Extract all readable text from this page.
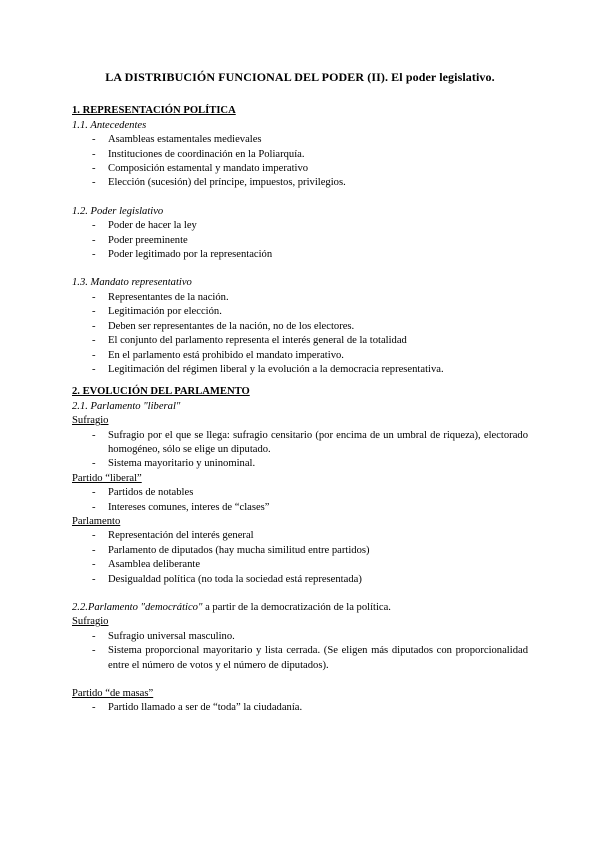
LA DISTRIBUCIÓN FUNCIONAL DEL PODER (II). El poder legislativo.

1. REPRESENTACIÓN POLÍTICA

1.1. Antecedentes

- Asambleas estamentales medievales
- Instituciones de coordinación en la Poliarquía.
- Composición estamental y mandato imperativo
- Elección (sucesión) del príncipe, impuestos, privilegios.

1.2. Poder legislativo

- Poder de hacer la ley
- Poder preeminente
- Poder legitimado por la representación

1.3. Mandato representativo

- Representantes de la nación.
- Legitimación por elección.
- Deben ser representantes de la nación, no de los electores.
- El conjunto del parlamento representa el interés general de la totalidad
- En el parlamento está prohibido el mandato imperativo.
- Legitimación del régimen liberal y la evolución a la democracia representativa.

2. EVOLUCIÓN DEL PARLAMENTO

2.1. Parlamento "liberal"

Sufragio

- Sufragio por el que se llega: sufragio censitario (por encima de un umbral de riqueza), electorado homogéneo, sólo se elige un diputado.
- Sistema mayoritario y uninominal.

Partido “liberal”

- Partidos de notables
- Intereses comunes, interes de “clases”

Parlamento

- Representación del interés general
- Parlamento de diputados (hay mucha similitud entre partidos)
- Asamblea deliberante
- Desigualdad política (no toda la sociedad está representada)

2.2.Parlamento "democrático" a partir de la democratización de la política.

Sufragio

- Sufragio universal masculino.
- Sistema proporcional mayoritario y lista cerrada. (Se eligen más diputados con proporcionalidad entre el número de votos y el número de diputados).

Partido “de masas”

- Partido llamado a ser de “toda” la ciudadanía.
